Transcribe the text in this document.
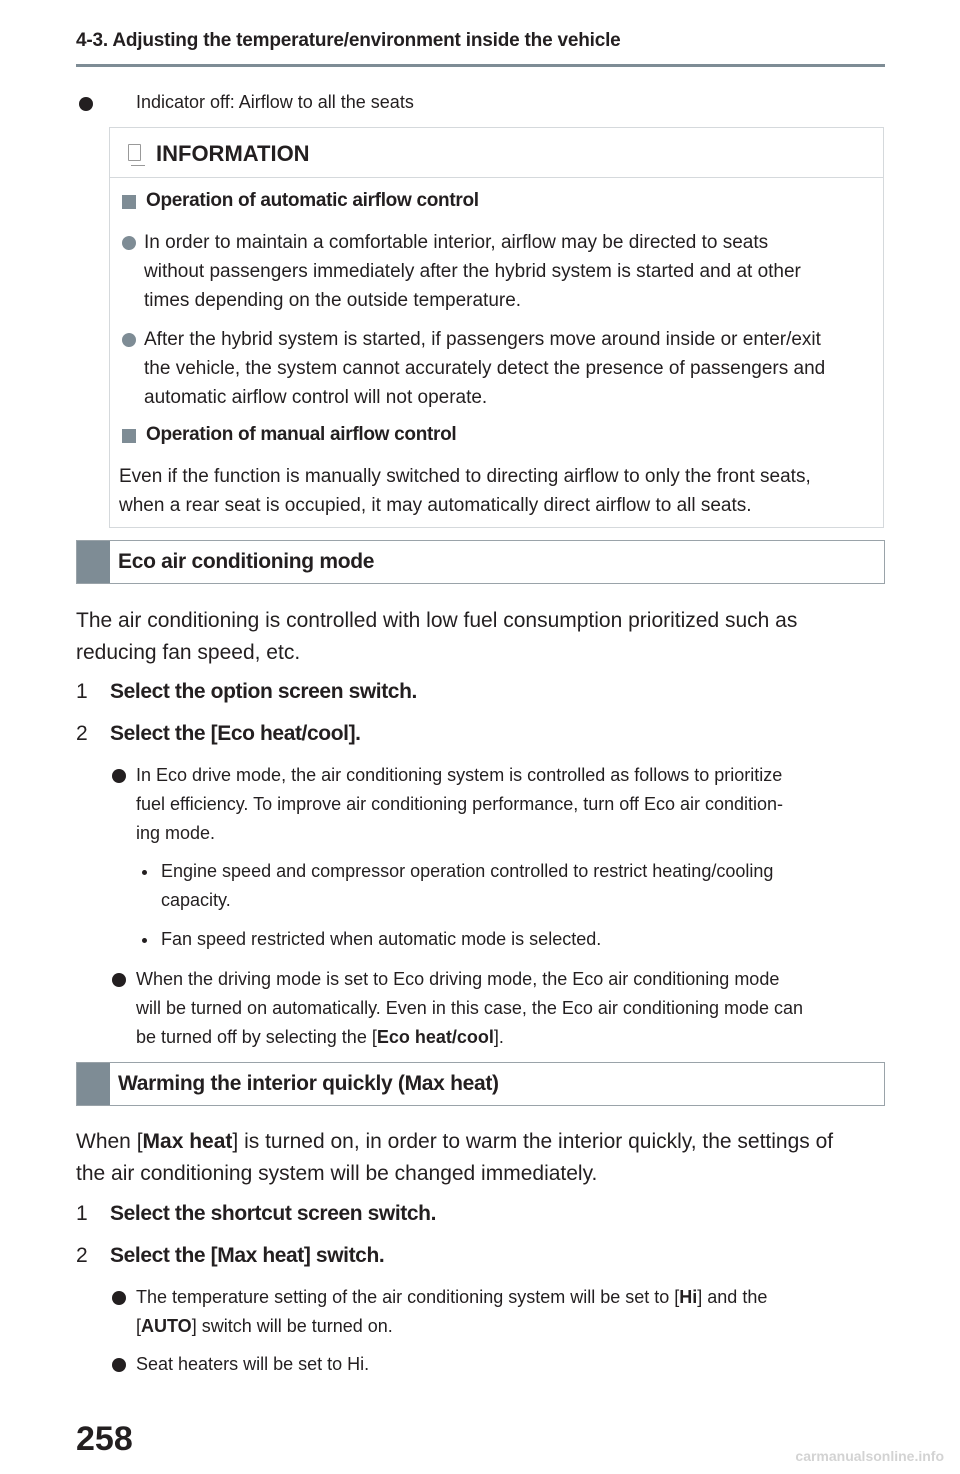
4-3. Adjusting the temperature/environment inside the vehicle
Indicator off: Airflow to all the seats
INFORMATION
Operation of automatic airflow control
In order to maintain a comfortable interior, airflow may be directed to seats
without passengers immediately after the hybrid system is started and at other
times depending on the outside temperature.
After the hybrid system is started, if passengers move around inside or enter/exit
the vehicle, the system cannot accurately detect the presence of passengers and
automatic airflow control will not operate.
Operation of manual airflow control
Even if the function is manually switched to directing airflow to only the front seats,
when a rear seat is occupied, it may automatically direct airflow to all seats.
Eco air conditioning mode
The air conditioning is controlled with low fuel consumption prioritized such as
reducing fan speed, etc.
1 Select the option screen switch.
2 Select the [Eco heat/cool].
In Eco drive mode, the air conditioning system is controlled as follows to prioritize
fuel efficiency. To improve air conditioning performance, turn off Eco air condition-
ing mode.
Engine speed and compressor operation controlled to restrict heating/cooling
capacity.
Fan speed restricted when automatic mode is selected.
When the driving mode is set to Eco driving mode, the Eco air conditioning mode
will be turned on automatically. Even in this case, the Eco air conditioning mode can
be turned off by selecting the [Eco heat/cool].
Warming the interior quickly (Max heat)
When [Max heat] is turned on, in order to warm the interior quickly, the settings of
the air conditioning system will be changed immediately.
1 Select the shortcut screen switch.
2 Select the [Max heat] switch.
The temperature setting of the air conditioning system will be set to [Hi] and the
[AUTO] switch will be turned on.
Seat heaters will be set to Hi.
258	carmanualsonline.info
